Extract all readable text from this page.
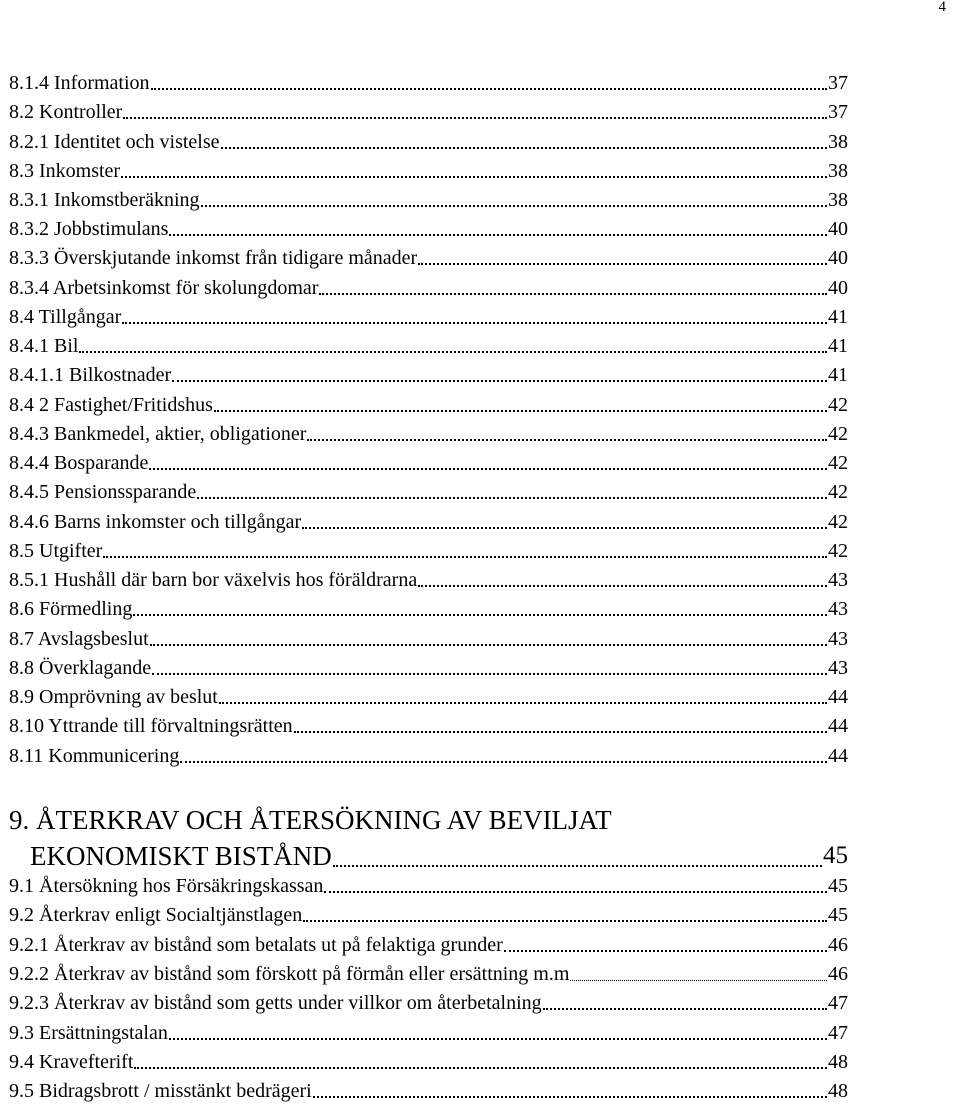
4
8.1.4 Information	37
8.2 Kontroller	37
8.2.1 Identitet och vistelse	38
8.3 Inkomster	38
8.3.1 Inkomstberäkning	38
8.3.2 Jobbstimulans	40
8.3.3 Överskjutande inkomst från tidigare månader	40
8.3.4 Arbetsinkomst för skolungdomar	40
8.4 Tillgångar	41
8.4.1 Bil	41
8.4.1.1 Bilkostnader	41
8.4 2 Fastighet/Fritidshus	42
8.4.3 Bankmedel, aktier, obligationer	42
8.4.4 Bosparande	42
8.4.5 Pensionssparande	42
8.4.6 Barns inkomster och tillgångar	42
8.5 Utgifter	42
8.5.1 Hushåll där barn bor växelvis hos föräldrarna	43
8.6 Förmedling	43
8.7 Avslagsbeslut	43
8.8 Överklagande	43
8.9 Omprövning av beslut	44
8.10 Yttrande till förvaltningsrätten	44
8.11 Kommunicering	44
9. ÅTERKRAV OCH ÅTERSÖKNING AV BEVILJAT
EKONOMISKT BISTÅND	45
9.1 Återsökning hos Försäkringskassan	45
9.2 Återkrav enligt Socialtjänstlagen	45
9.2.1 Återkrav av bistånd som betalats ut på felaktiga grunder	46
9.2.2 Återkrav av bistånd som förskott på förmån eller ersättning m.m	46
9.2.3 Återkrav av bistånd som getts under villkor om återbetalning	47
9.3 Ersättningstalan	47
9.4 Kravefterift	48
9.5 Bidragsbrott / misstänkt bedrägeri	48
